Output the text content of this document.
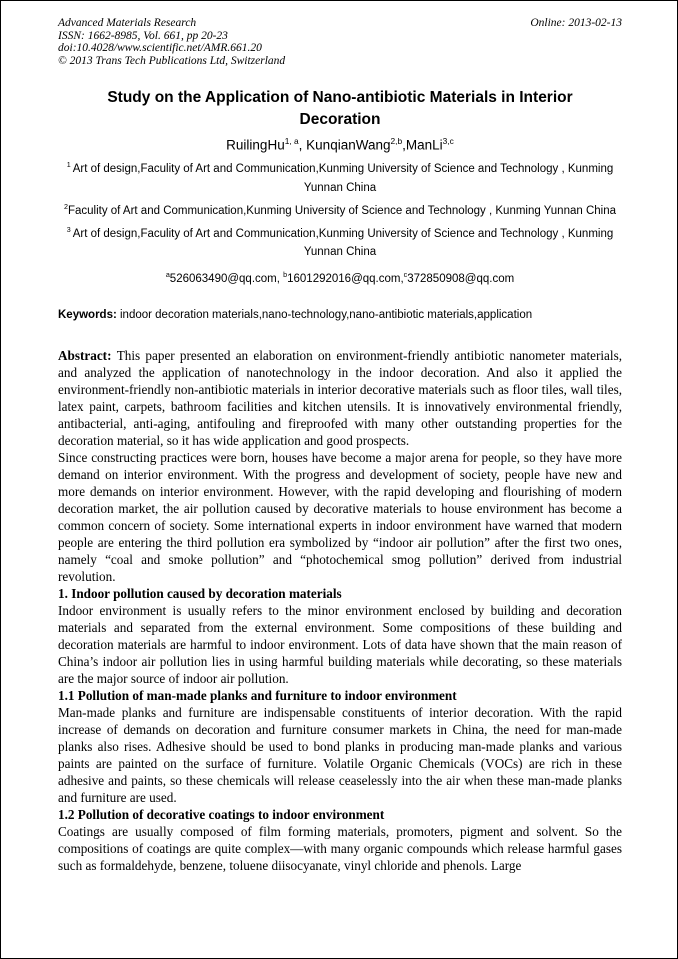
Advanced Materials Research
ISSN: 1662-8985, Vol. 661, pp 20-23
doi:10.4028/www.scientific.net/AMR.661.20
© 2013 Trans Tech Publications Ltd, Switzerland
Online: 2013-02-13
Study on the Application of Nano-antibiotic Materials in Interior Decoration
RuilingHu$^{1, a}$, KunqianWang$^{2,b}$,ManLi$^{3,c}$
$^1$ Art of design,Faculity of Art and Communication,Kunming University of Science and Technology , Kunming Yunnan China
$^2$Faculity of Art and Communication,Kunming University of Science and Technology , Kunming Yunnan China
$^3$ Art of design,Faculity of Art and Communication,Kunming University of Science and Technology , Kunming Yunnan China
$^a$526063490@qq.com, $^b$1601292016@qq.com,$^c$372850908@qq.com

Keywords: indoor decoration materials,nano-technology,nano-antibiotic materials,application

Abstract: This paper presented an elaboration on environment-friendly antibiotic nanometer materials, and analyzed the application of nanotechnology in the indoor decoration. And also it applied the environment-friendly non-antibiotic materials in interior decorative materials such as floor tiles, wall tiles, latex paint, carpets, bathroom facilities and kitchen utensils. It is innovatively environmental friendly, antibacterial, anti-aging, antifouling and fireproofed with many other outstanding properties for the decoration material, so it has wide application and good prospects.

Since constructing practices were born, houses have become a major arena for people, so they have more demand on interior environment. With the progress and development of society, people have new and more demands on interior environment. However, with the rapid developing and flourishing of modern decoration market, the air pollution caused by decorative materials to house environment has become a common concern of society. Some international experts in indoor environment have warned that modern people are entering the third pollution era symbolized by “indoor air pollution” after the first two ones, namely “coal and smoke pollution” and “photochemical smog pollution” derived from industrial revolution.

1. Indoor pollution caused by decoration materials

Indoor environment is usually refers to the minor environment enclosed by building and decoration materials and separated from the external environment. Some compositions of these building and decoration materials are harmful to indoor environment. Lots of data have shown that the main reason of China’s indoor air pollution lies in using harmful building materials while decorating, so these materials are the major source of indoor air pollution.

1.1 Pollution of man-made planks and furniture to indoor environment

Man-made planks and furniture are indispensable constituents of interior decoration. With the rapid increase of demands on decoration and furniture consumer markets in China, the need for man-made planks also rises. Adhesive should be used to bond planks in producing man-made planks and various paints are painted on the surface of furniture. Volatile Organic Chemicals (VOCs) are rich in these adhesive and paints, so these chemicals will release ceaselessly into the air when these man-made planks and furniture are used.

1.2 Pollution of decorative coatings to indoor environment

Coatings are usually composed of film forming materials, promoters, pigment and solvent. So the compositions of coatings are quite complex—with many organic compounds which release harmful gases such as formaldehyde, benzene, toluene diisocyanate, vinyl chloride and phenols. Large
